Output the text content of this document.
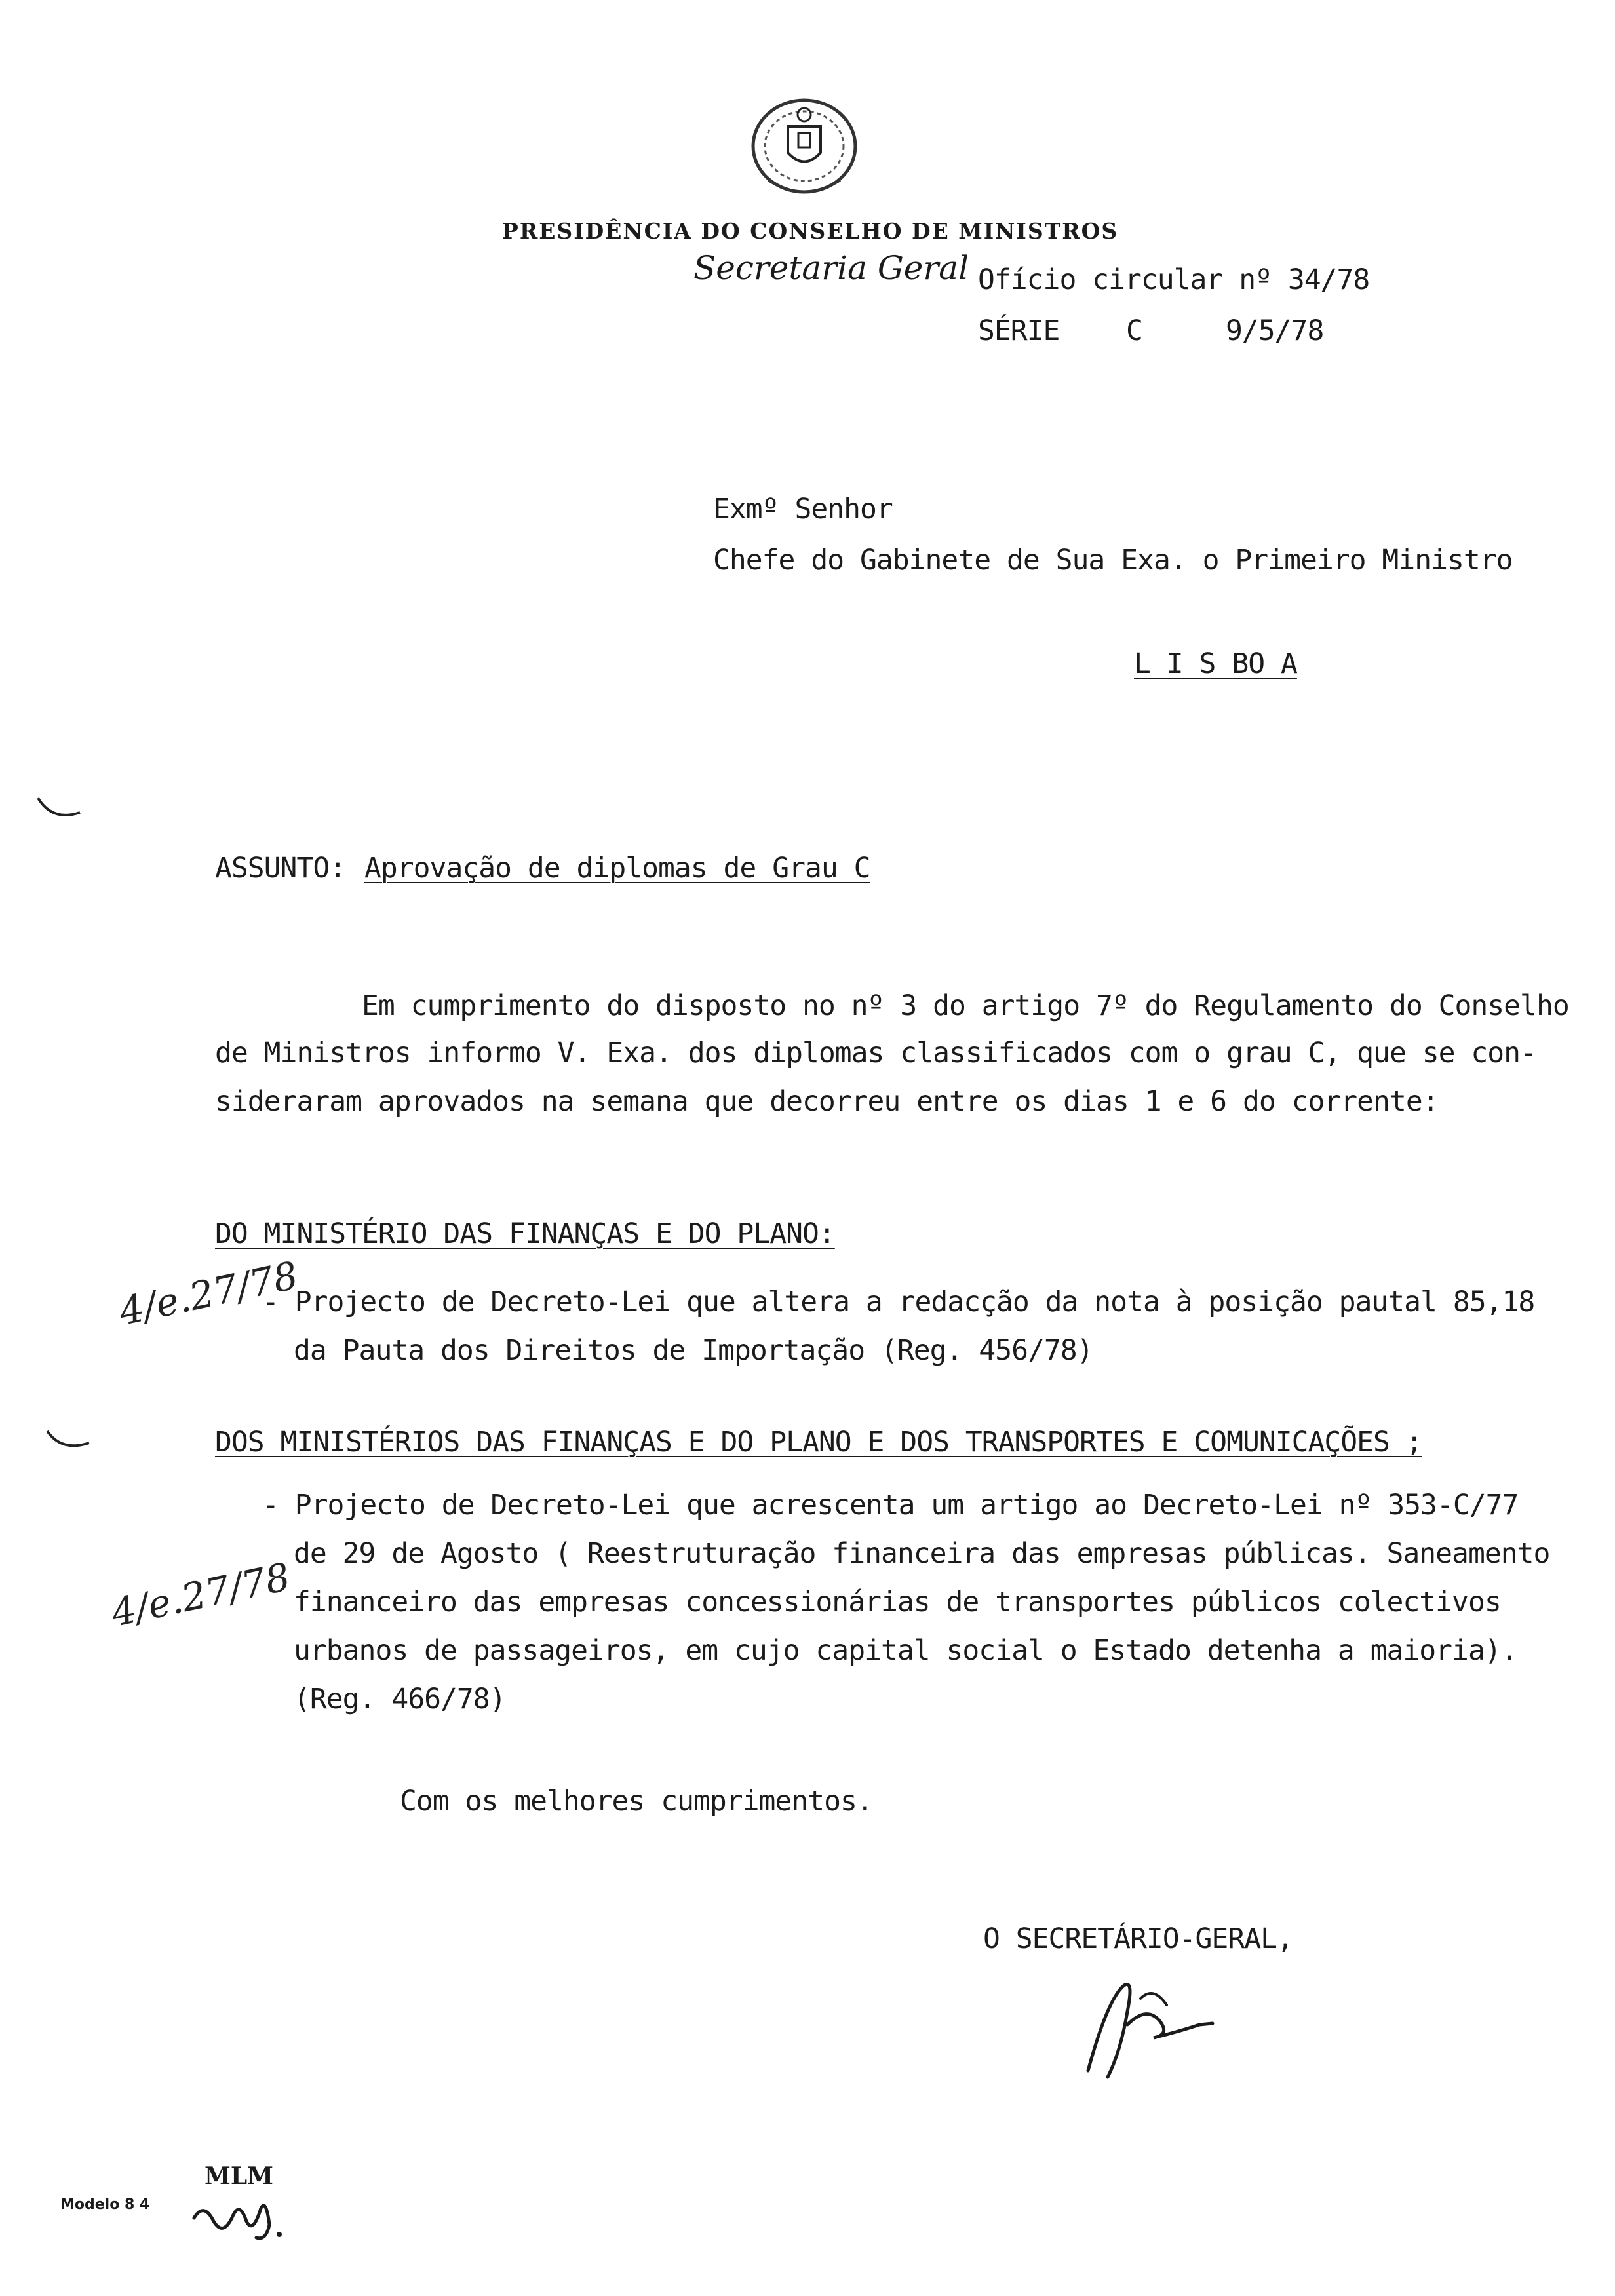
PRESIDÊNCIA DO CONSELHO DE MINISTROS
Secretaria Geral Ofício circular nº 34/78
SÉRIE C	9/5/78
Exmº Senhor
Chefe do Gabinete de Sua Exa. o Primeiro Ministro
L I S BO A
ASSUNTO: Aprovação de diplomas de Grau C
Em cumprimento do disposto no nº 3 do artigo 7º do Regulamento do Conselho
de Ministros informo V. Exa. dos diplomas classificados com o grau C, que se con-
sideraram aprovados na semana que decorreu entre os dias 1 e 6 do corrente:
DO MINISTÉRIO DAS FINANÇAS E DO PLANO:
4/e.27/78
- Projecto de Decreto-Lei que altera a redacção da nota à posição pautal 85,18
da Pauta dos Direitos de Importação (Reg. 456/78)
DOS MINISTÉRIOS DAS FINANÇAS E DO PLANO E DOS TRANSPORTES E COMUNICAÇÕES ;
4/e.27/78
- Projecto de Decreto-Lei que acrescenta um artigo ao Decreto-Lei nº 353-C/77
de 29 de Agosto ( Reestruturação financeira das empresas públicas. Saneamento
financeiro das empresas concessionárias de transportes públicos colectivos
urbanos de passageiros, em cujo capital social o Estado detenha a maioria).
(Reg. 466/78)
Com os melhores cumprimentos.
O SECRETÁRIO-GERAL,
MLM
Modelo 8 4
